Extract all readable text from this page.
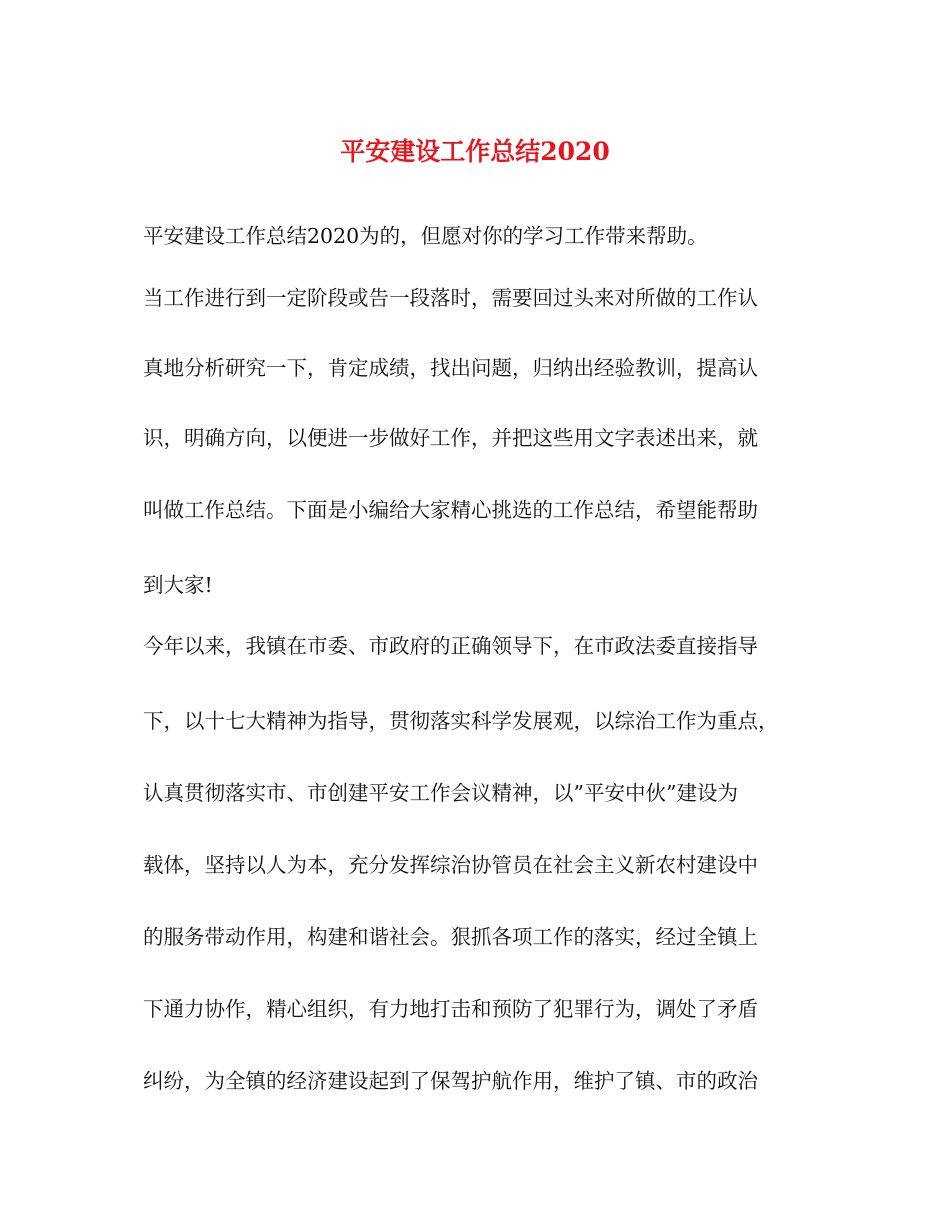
平安建设工作总结2020

平安建设工作总结2020为的，但愿对你的学习工作带来帮助。

当工作进行到一定阶段或告一段落时，需要回过头来对所做的工作认

真地分析研究一下，肯定成绩，找出问题，归纳出经验教训，提高认

识，明确方向，以便进一步做好工作，并把这些用文字表述出来，就

叫做工作总结。下面是小编给大家精心挑选的工作总结，希望能帮助

到大家!

今年以来，我镇在市委、市政府的正确领导下，在市政法委直接指导

下，以十七大精神为指导，贯彻落实科学发展观，以综治工作为重点，

认真贯彻落实市、市创建平安工作会议精神，以”平安中伙”建设为

载体，坚持以人为本，充分发挥综治协管员在社会主义新农村建设中

的服务带动作用，构建和谐社会。狠抓各项工作的落实，经过全镇上

下通力协作，精心组织，有力地打击和预防了犯罪行为，调处了矛盾

纠纷，为全镇的经济建设起到了保驾护航作用，维护了镇、市的政治
